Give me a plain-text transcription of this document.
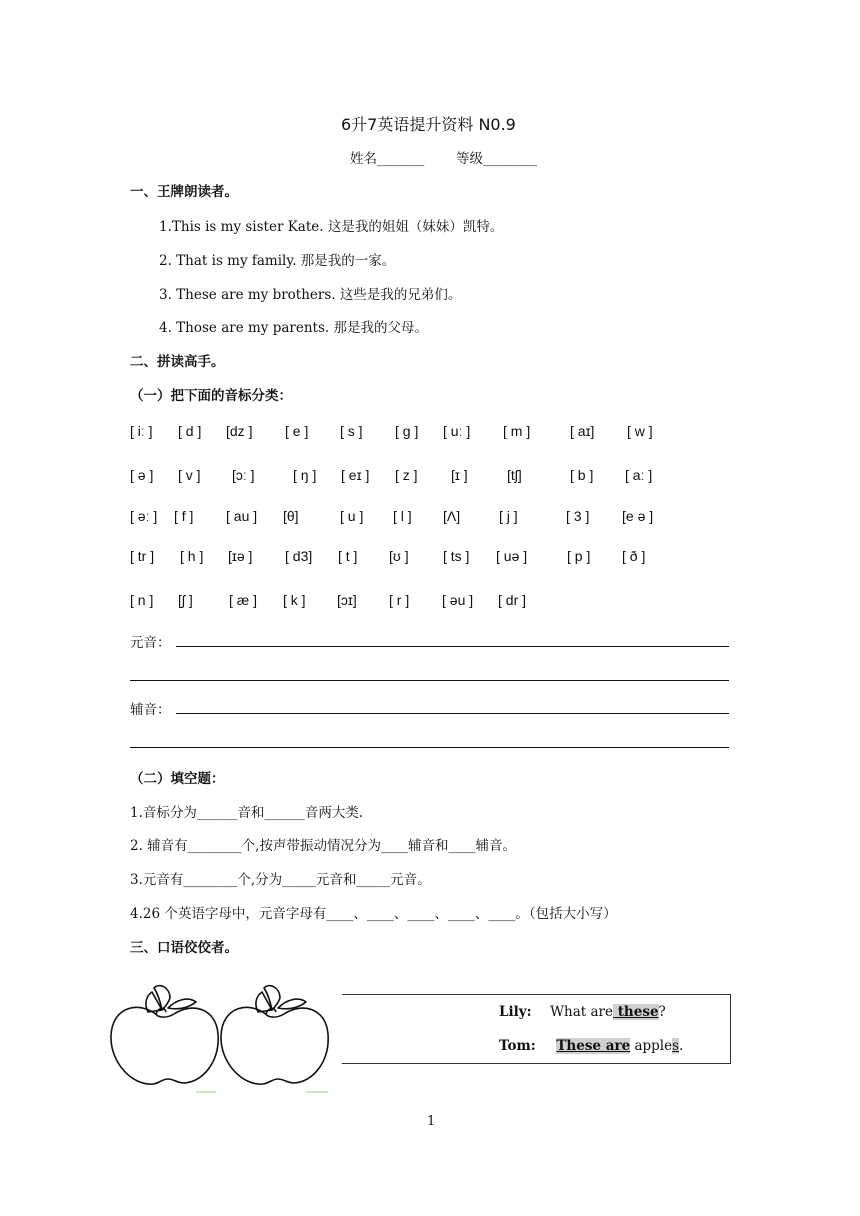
6升7英语提升资料 N0.9
姓名_______ 等级________
一、王牌朗读者。
1.This is my sister Kate. 这是我的姐姐（妹妹）凯特。
2. That is my family. 那是我的一家。
3. These are my brothers. 这些是我的兄弟们。
4. Those are my parents. 那是我的父母。
二、拼读高手。
（一）把下面的音标分类：
[ iː ] [ d ] [dz ] [ e ] [ s ] [ g ] [ uː ] [ m ]	[ aɪ] [ w ]
[ ə ] [ v ] [ɔː ]	[ ŋ ] [ eɪ ] [ z ] [ɪ ]	[tʃ]	[ b ] [ aː ]
[ əː ] [ f ] [ au ] [θ]	[ u ] [ l ] [Λ]	[ j ]	[ 3 ] [e ə ]
[ tr ] [ h ] [ɪə ] [ d3] [ t ] [ʊ ] [ ts ] [ uə ]	[ p ] [ ð ]
[ n ] [ʃ ]	[ æ ] [ k ] [ɔɪ] [ r ] [ əu ] [ dr ]
元音：
辅音：
（二）填空题：
1.音标分为______音和______音两大类.
2. 辅音有________个,按声带振动情况分为____辅音和____辅音。
3.元音有________个,分为_____元音和_____元音。
4.26 个英语字母中，元音字母有____、____、____、____、____。（包括大小写）
三、口语佼佼者。
Lily: What are these?
Tom: These are apples.
1
